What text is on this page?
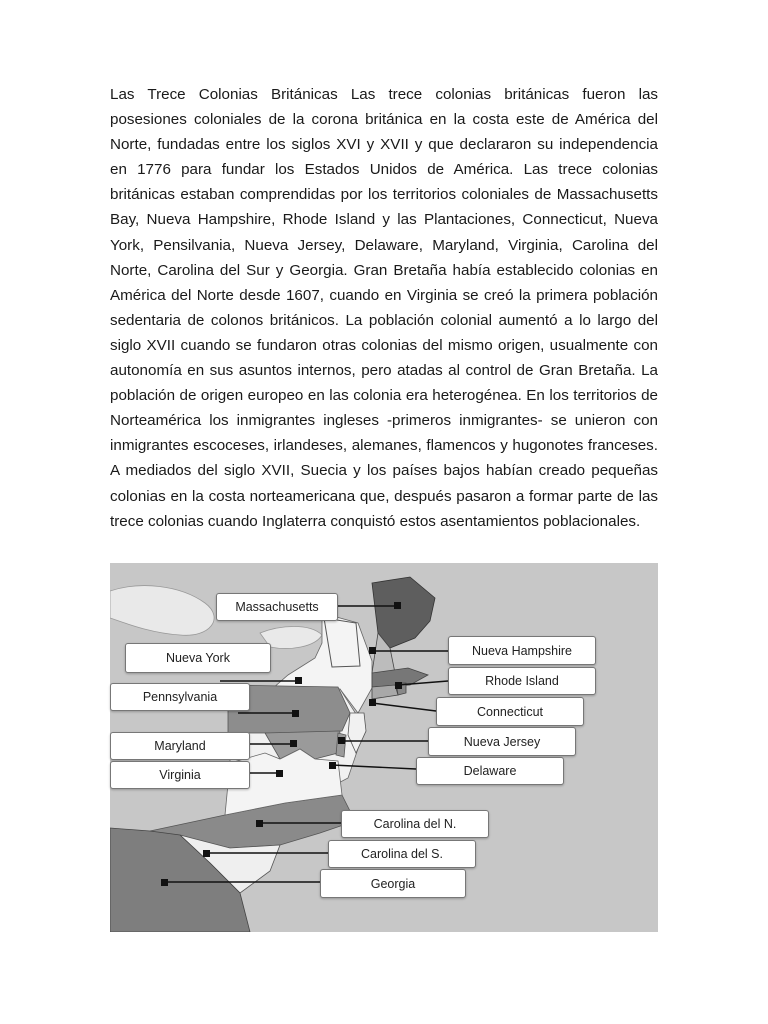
Las Trece Colonias Británicas Las trece colonias británicas fueron las posesiones coloniales de la corona británica en la costa este de América del Norte, fundadas entre los siglos XVI y XVII y que declararon su independencia en 1776 para fundar los Estados Unidos de América. Las trece colonias británicas estaban comprendidas por los territorios coloniales de Massachusetts Bay, Nueva Hampshire, Rhode Island y las Plantaciones, Connecticut, Nueva York, Pensilvania, Nueva Jersey, Delaware, Maryland, Virginia, Carolina del Norte, Carolina del Sur y Georgia. Gran Bretaña había establecido colonias en América del Norte desde 1607, cuando en Virginia se creó la primera población sedentaria de colonos británicos. La población colonial aumentó a lo largo del siglo XVII cuando se fundaron otras colonias del mismo origen, usualmente con autonomía en sus asuntos internos, pero atadas al control de Gran Bretaña. La población de origen europeo en las colonia era heterogénea. En los territorios de Norteamérica los inmigrantes ingleses -primeros inmigrantes- se unieron con inmigrantes escoceses, irlandeses, alemanes, flamencos y hugonotes franceses. A mediados del siglo XVII, Suecia y los países bajos habían creado pequeñas colonias en la costa norteamericana que, después pasaron a formar parte de las trece colonias cuando Inglaterra conquistó estos asentamientos poblacionales.

Massachusetts
Nueva York
Pennsylvania
Maryland
Virginia
Nueva Hampshire
Rhode Island
Connecticut
Nueva Jersey
Delaware
Carolina del N.
Carolina del S.
Georgia
